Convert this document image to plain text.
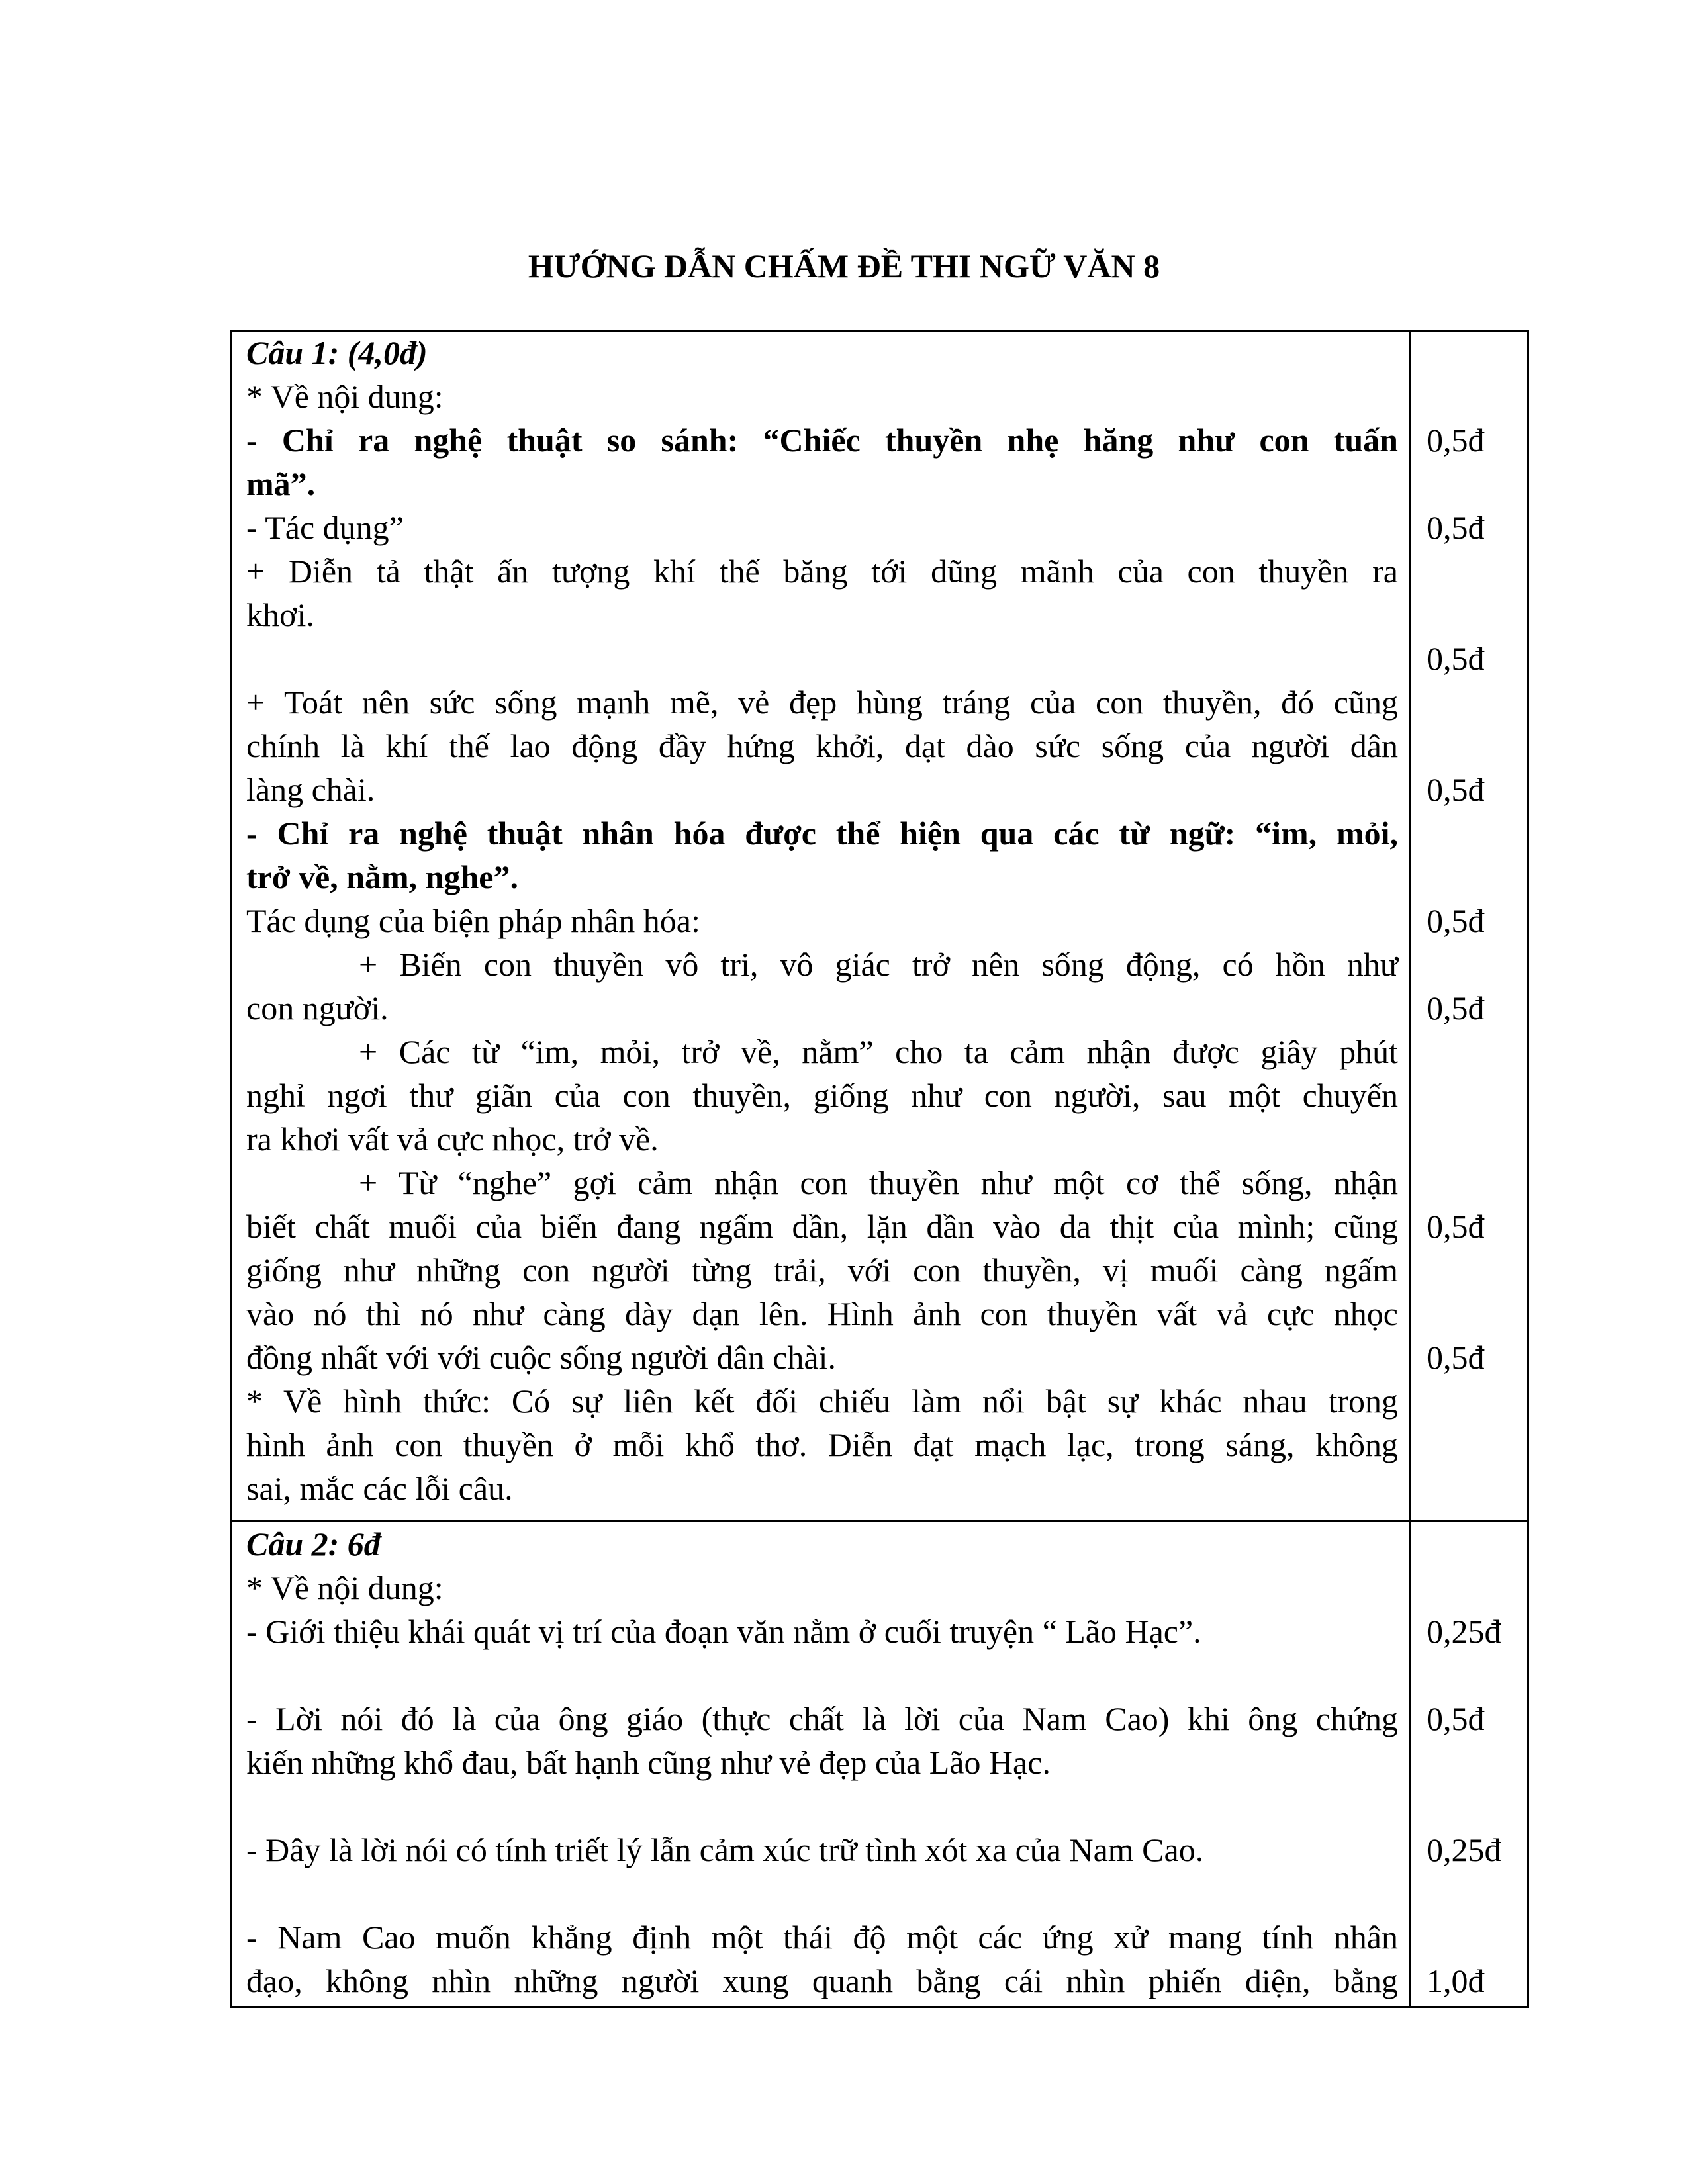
HƯỚNG DẪN CHẤM ĐỀ THI NGỮ VĂN 8
Câu 1: (4,0đ)
* Về nội dung:
- Chỉ ra nghệ thuật so sánh: “Chiếc thuyền nhẹ hăng như con tuấn
mã”.
- Tác dụng”
+ Diễn tả thật ấn tượng khí thế băng tới dũng mãnh của con thuyền ra
khơi.
+ Toát nên sức sống mạnh mẽ, vẻ đẹp hùng tráng của con thuyền, đó cũng
chính là khí thế lao động đầy hứng khởi, dạt dào sức sống của người dân
làng chài.
- Chỉ ra nghệ thuật nhân hóa được thể hiện qua các từ ngữ: “im, mỏi,
trở về, nằm, nghe”.
Tác dụng của biện pháp nhân hóa:
+ Biến con thuyền vô tri, vô giác trở nên sống động, có hồn như
con người.
+ Các từ “im, mỏi, trở về, nằm” cho ta cảm nhận được giây phút
nghỉ ngơi thư giãn của con thuyền, giống như con người, sau một chuyến
ra khơi vất vả cực nhọc, trở về.
+ Từ “nghe” gợi cảm nhận con thuyền như một cơ thể sống, nhận
biết chất muối của biển đang ngấm dần, lặn dần vào da thịt của mình; cũng
giống như những con người từng trải, với con thuyền, vị muối càng ngấm
vào nó thì nó như càng dày dạn lên. Hình ảnh con thuyền vất vả cực nhọc
đồng nhất với với cuộc sống người dân chài.
* Về hình thức: Có sự liên kết đối chiếu làm nổi bật sự khác nhau trong
hình ảnh con thuyền ở mỗi khổ thơ. Diễn đạt mạch lạc, trong sáng, không
sai, mắc các lỗi câu.
0,5đ
0,5đ
0,5đ
0,5đ
0,5đ
0,5đ
0,5đ
0,5đ
Câu 2: 6đ
* Về nội dung:
- Giới thiệu khái quát vị trí của đoạn văn nằm ở cuối truyện “ Lão Hạc”.
- Lời nói đó là của ông giáo (thực chất là lời của Nam Cao) khi ông chứng
kiến những khổ đau, bất hạnh cũng như vẻ đẹp của Lão Hạc.
- Đây là lời nói có tính triết lý lẫn cảm xúc trữ tình xót xa của Nam Cao.
- Nam Cao muốn khẳng định một thái độ một các ứng xử mang tính nhân
đạo, không nhìn những người xung quanh bằng cái nhìn phiến diện, bằng
0,25đ
0,5đ
0,25đ
1,0đ
